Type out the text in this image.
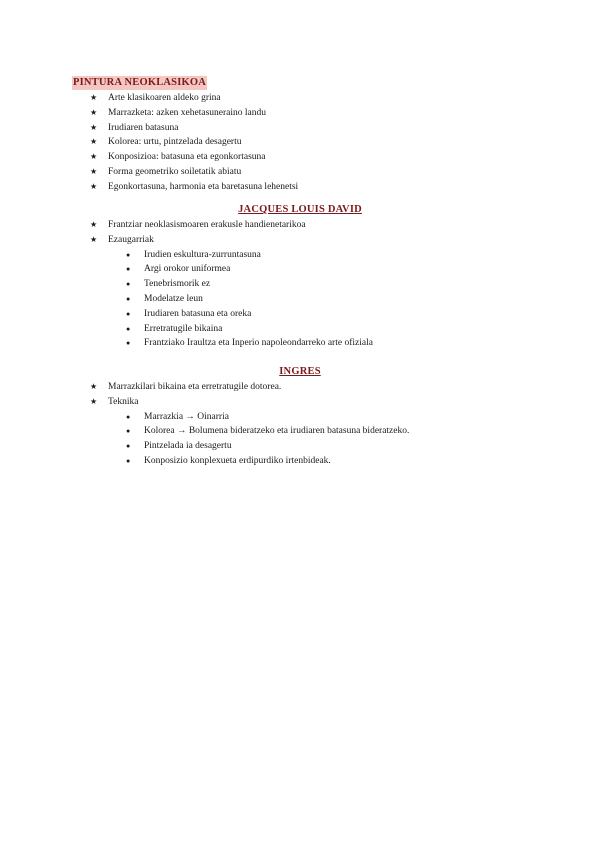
PINTURA NEOKLASIKOA
★ Arte klasikoaren aldeko grina
★ Marrazketa: azken xehetasuneraino landu
★ Irudiaren batasuna
★ Kolorea: urtu, pintzelada desagertu
★ Konposizioa: batasuna eta egonkortasuna
★ Forma geometriko soiletatik abiatu
★ Egonkortasuna, harmonia eta baretasuna lehenetsi
JACQUES LOUIS DAVID
★ Frantziar neoklasismoaren erakusle handienetarikoa
★ Ezaugarriak
● Irudien eskultura-zurruntasuna
● Argi orokor uniformea
● Tenebrismorik ez
● Modelatze leun
● Irudiaren batasuna eta oreka
● Erretratugile bikaina
● Frantziako Iraultza eta Inperio napoleondarreko arte ofiziala
INGRES
★ Marrazkilari bikaina eta erretratugile dotorea.
★ Teknika
● Marrazkia → Oinarria
● Kolorea → Bolumena bideratzeko eta irudiaren batasuna bideratzeko.
● Pintzelada ia desagertu
● Konposizio konplexueta erdipurdiko irtenbideak.
